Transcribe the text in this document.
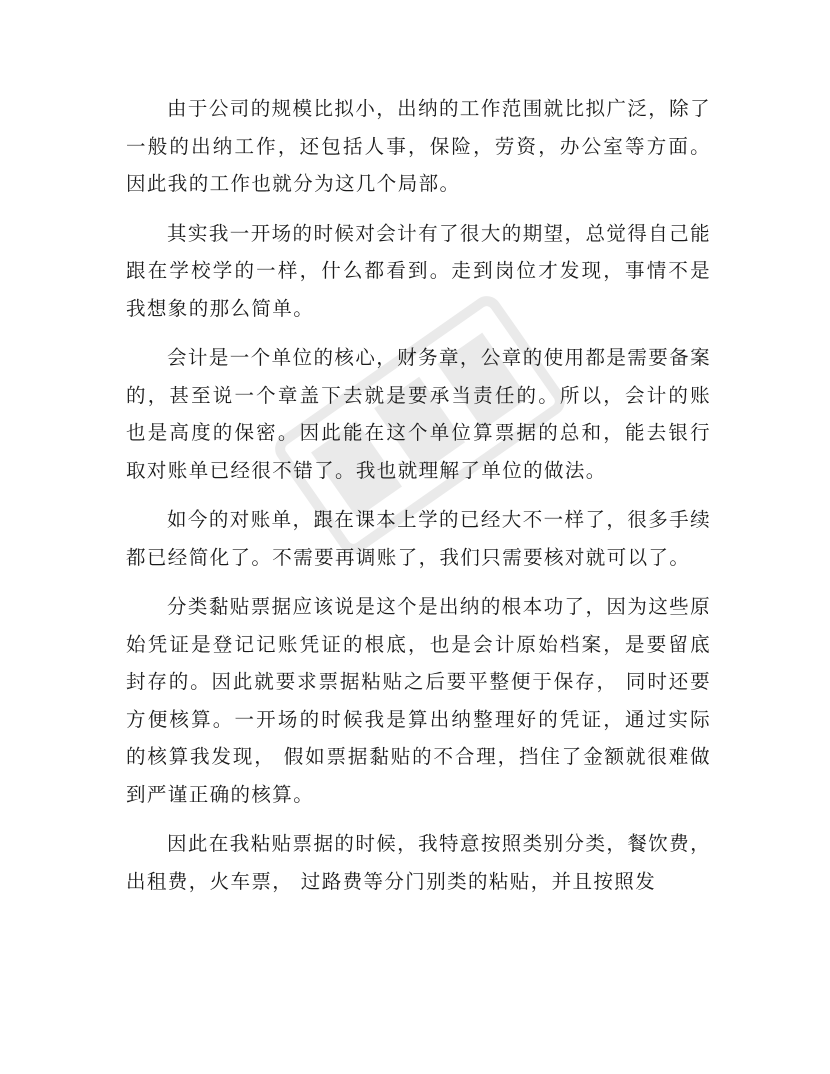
由于公司的规模比拟小，出纳的工作范围就比拟广泛，除了一般的出纳工作，还包括人事，保险，劳资，办公室等方面。因此我的工作也就分为这几个局部。

其实我一开场的时候对会计有了很大的期望，总觉得自己能跟在学校学的一样，什么都看到。走到岗位才发现，事情不是我想象的那么简单。

会计是一个单位的核心，财务章，公章的使用都是需要备案的，甚至说一个章盖下去就是要承当责任的。所以，会计的账也是高度的保密。因此能在这个单位算票据的总和，能去银行取对账单已经很不错了。我也就理解了单位的做法。

如今的对账单，跟在课本上学的已经大不一样了，很多手续都已经简化了。不需要再调账了，我们只需要核对就可以了。

分类黏贴票据应该说是这个是出纳的根本功了，因为这些原始凭证是登记记账凭证的根底，也是会计原始档案，是要留底封存的。因此就要求票据粘贴之后要平整便于保存， 同时还要方便核算。一开场的时候我是算出纳整理好的凭证，通过实际的核算我发现， 假如票据黏贴的不合理，挡住了金额就很难做到严谨正确的核算。

因此在我粘贴票据的时候，我特意按照类别分类，餐饮费，出租费，火车票， 过路费等分门别类的粘贴，并且按照发
